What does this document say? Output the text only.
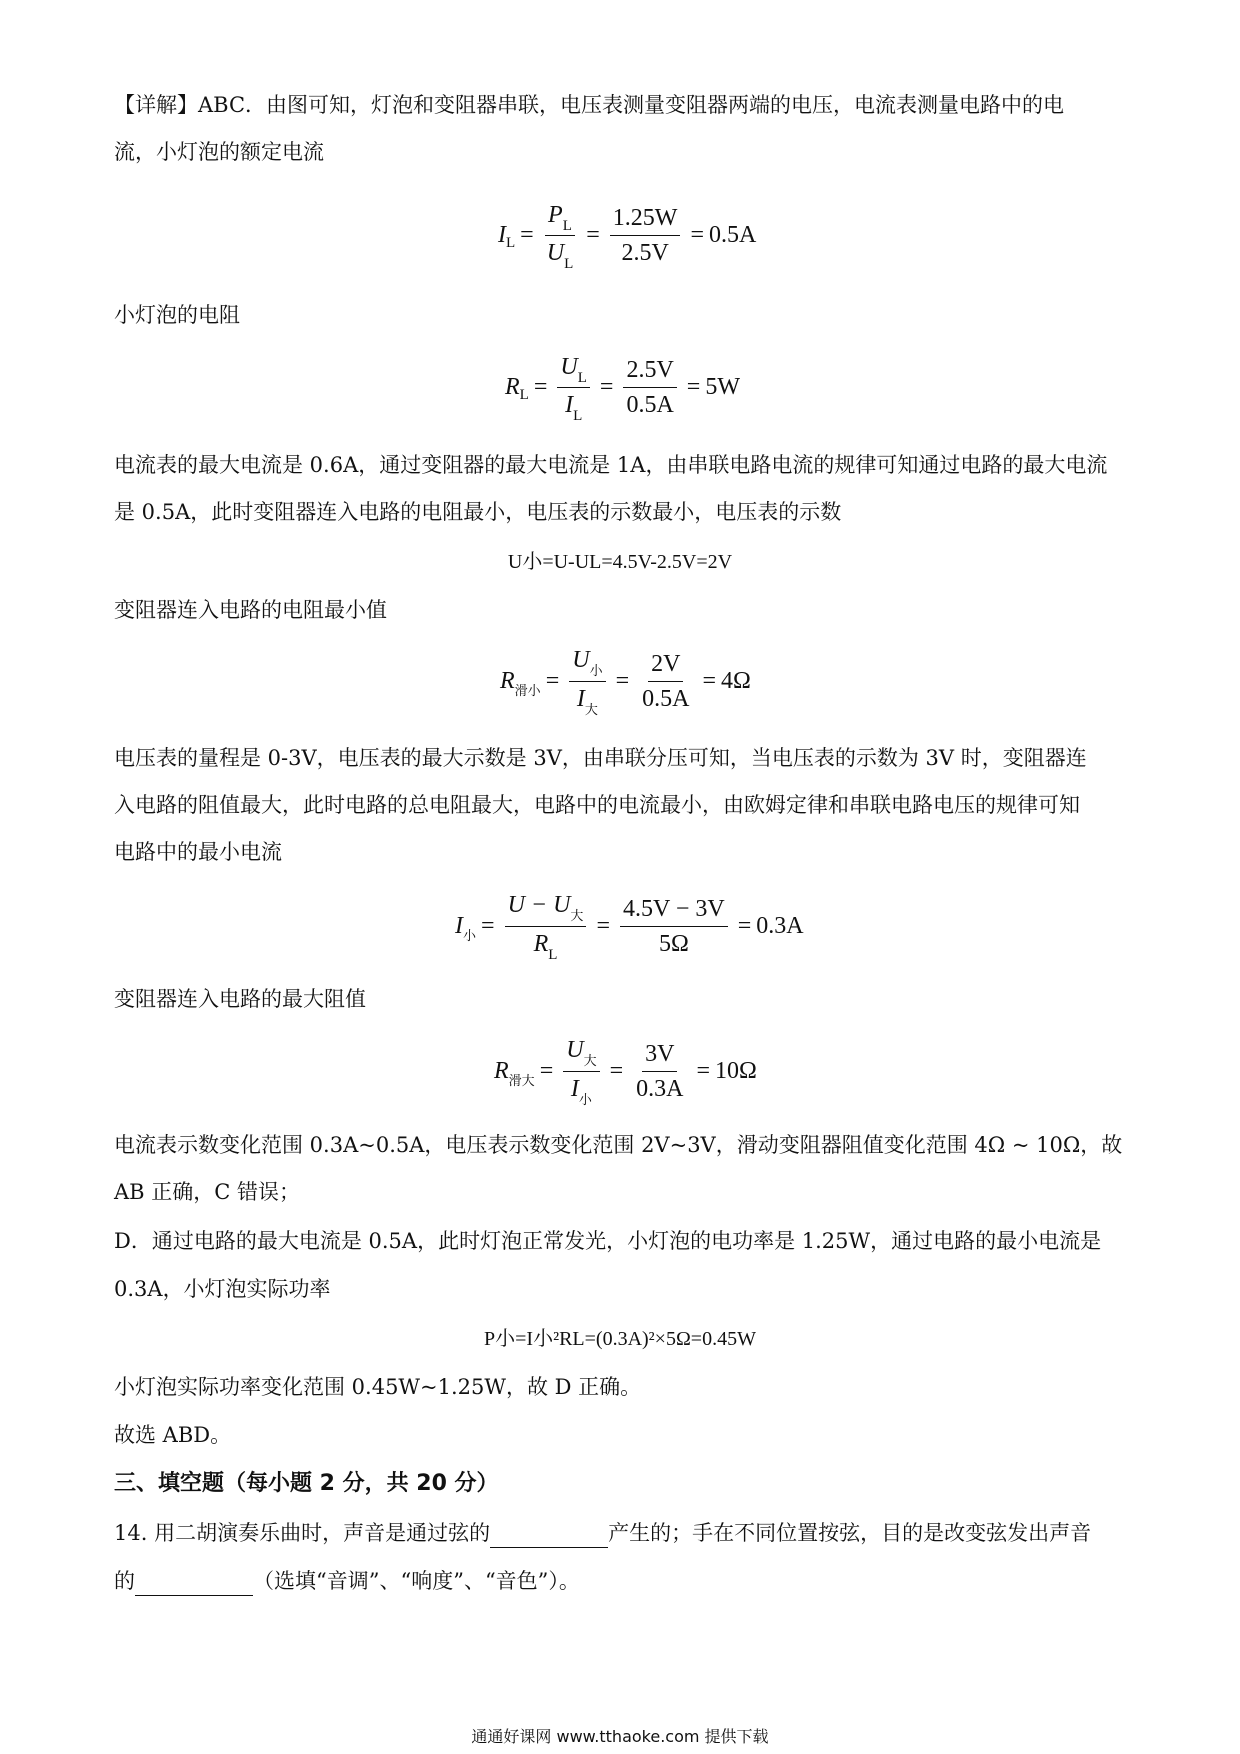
【详解】ABC．由图可知，灯泡和变阻器串联，电压表测量变阻器两端的电压，电流表测量电路中的电
流，小灯泡的额定电流
I $L = \frac{P_L}{U_L} = \frac{1.25W}{2.5V} = 0.5A$
小灯泡的电阻
R $L = \frac{U_L}{I_L} = \frac{2.5V}{0.5A} = 5W$
电流表的最大电流是 0.6A，通过变阻器的最大电流是 1A，由串联电路电流的规律可知通过电路的最大电流
是 0.5A，此时变阻器连入电路的电阻最小，电压表的示数最小，电压表的示数
U小=U-UL=4.5V-2.5V=2V
变阻器连入电路的电阻最小值
R 滑小 = $\frac{U_小}{I_大} = \frac{2V}{0.5A} = 4\Omega$
电压表的量程是 0-3V，电压表的最大示数是 3V，由串联分压可知，当电压表的示数为 3V 时，变阻器连
入电路的阻值最大，此时电路的总电阻最大，电路中的电流最小，由欧姆定律和串联电路电压的规律可知
电路中的最小电流
I 小 = $\frac{U - U_大}{R_L} = \frac{4.5V - 3V}{5\Omega} = 0.3A$
变阻器连入电路的最大阻值
R 滑大 = $\frac{U_大}{I_小} = \frac{3V}{0.3A} = 10\Omega$
电流表示数变化范围 0.3A~0.5A，电压表示数变化范围 2V~3V，滑动变阻器阻值变化范围 4Ω ~ 10Ω，故
AB 正确，C 错误；
D．通过电路的最大电流是 0.5A，此时灯泡正常发光，小灯泡的电功率是 1.25W，通过电路的最小电流是
0.3A，小灯泡实际功率
P小=I小²RL=(0.3A)²×5Ω=0.45W
小灯泡实际功率变化范围 0.45W~1.25W，故 D 正确。
故选 ABD。
三、填空题（每小题 2 分，共 20 分）
14. 用二胡演奏乐曲时，声音是通过弦的	产生的；手在不同位置按弦，目的是改变弦发出声音
的	（选填“音调”、“响度”、“音色”）。
通通好课网 www.tthaoke.com 提供下载
